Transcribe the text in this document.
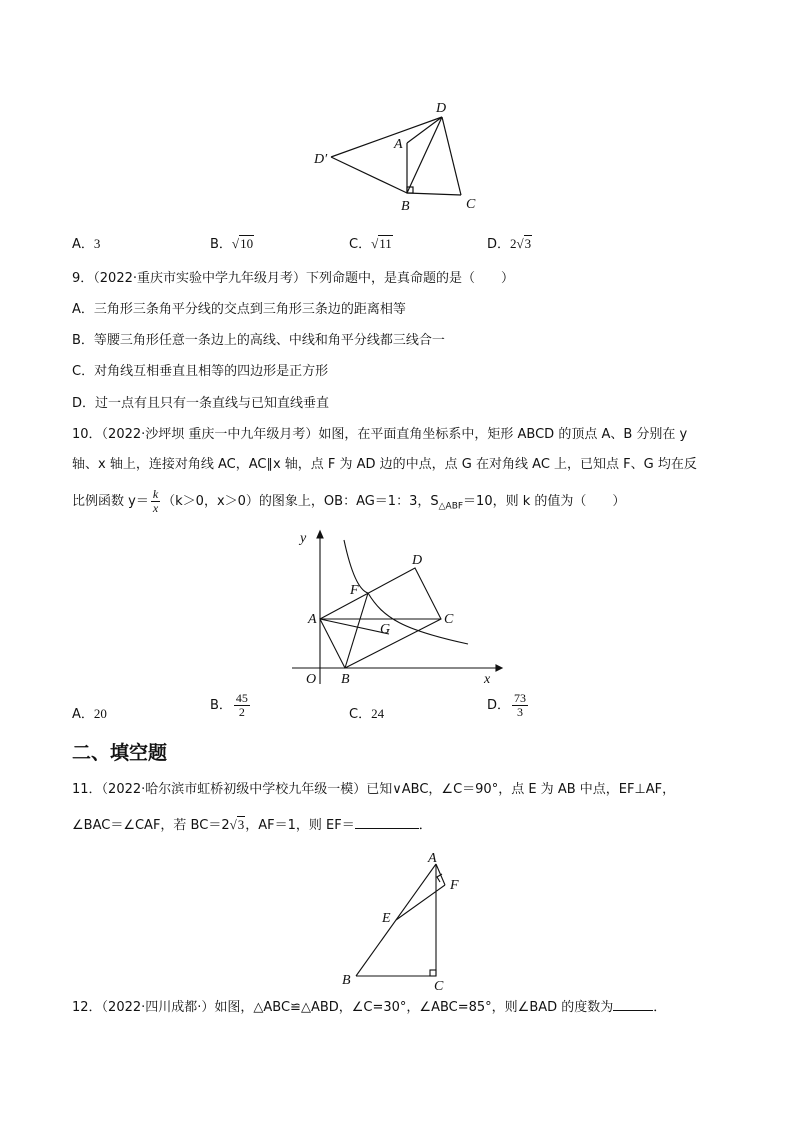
D
A
D′
B	C
A．3	B．√10	C．√11	D．2√3
9．（2022·重庆市实验中学九年级月考）下列命题中，是真命题的是（　　）
A．三角形三条角平分线的交点到三角形三条边的距离相等
B．等腰三角形任意一条边上的高线、中线和角平分线都三线合一
C．对角线互相垂直且相等的四边形是正方形
D．过一点有且只有一条直线与已知直线垂直
10．（2022·沙坪坝 重庆一中九年级月考）如图，在平面直角坐标系中，矩形 ABCD 的顶点 A、B 分别在 y
轴、x 轴上，连接对角线 AC，AC∥x 轴，点 F 为 AD 边的中点，点 G 在对角线 AC 上，已知点 F、G 均在反
比例函数 $y= \frac{k}{x} (k>0$，x＞0）的图象上，OB：AG＝1：3，$S_{\triangle ABF}=10$，则 k 的值为（　　）
y
x
O
A
B
C
D
F
G
A．20
B． $\frac{45}{2}$	C．24
D． $\frac{73}{3}$
二、填空题
11．（2022·哈尔滨市虹桥初级中学校九年级一模）已知∨ABC，∠C＝90°，点 E 为 AB 中点，EF⊥AF，
∠BAC＝∠CAF，若 BC＝2√3，AF＝1，则 EF＝	．
A
F
E
B	C
12．（2022·四川成都·）如图，△ABC≌△ABD，∠C=30°，∠ABC=85°，则∠BAD 的度数为	．
